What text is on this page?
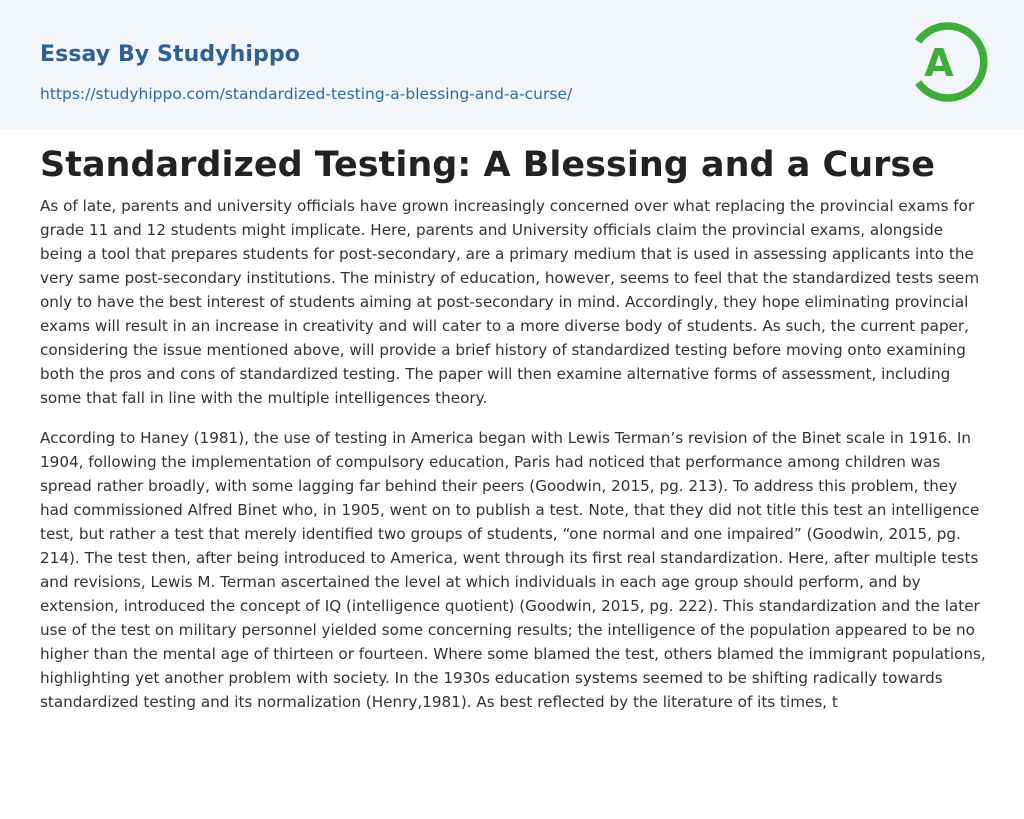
Essay By Studyhippo
https://studyhippo.com/standardized-testing-a-blessing-and-a-curse/
A
Standardized Testing: A Blessing and a Curse

As of late, parents and university officials have grown increasingly concerned over what replacing the provincial exams for grade 11 and 12 students might implicate. Here, parents and University officials claim the provincial exams, alongside being a tool that prepares students for post-secondary, are a primary medium that is used in assessing applicants into the very same post-secondary institutions. The ministry of education, however, seems to feel that the standardized tests seem only to have the best interest of students aiming at post-secondary in mind. Accordingly, they hope eliminating provincial exams will result in an increase in creativity and will cater to a more diverse body of students. As such, the current paper, considering the issue mentioned above, will provide a brief history of standardized testing before moving onto examining both the pros and cons of standardized testing. The paper will then examine alternative forms of assessment, including some that fall in line with the multiple intelligences theory.

According to Haney (1981), the use of testing in America began with Lewis Terman’s revision of the Binet scale in 1916. In 1904, following the implementation of compulsory education, Paris had noticed that performance among children was spread rather broadly, with some lagging far behind their peers (Goodwin, 2015, pg. 213). To address this problem, they had commissioned Alfred Binet who, in 1905, went on to publish a test. Note, that they did not title this test an intelligence test, but rather a test that merely identified two groups of students, “one normal and one impaired” (Goodwin, 2015, pg. 214). The test then, after being introduced to America, went through its first real standardization. Here, after multiple tests and revisions, Lewis M. Terman ascertained the level at which individuals in each age group should perform, and by extension, introduced the concept of IQ (intelligence quotient) (Goodwin, 2015, pg. 222). This standardization and the later use of the test on military personnel yielded some concerning results; the intelligence of the population appeared to be no higher than the mental age of thirteen or fourteen. Where some blamed the test, others blamed the immigrant populations, highlighting yet another problem with society. In the 1930s education systems seemed to be shifting radically towards standardized testing and its normalization (Henry,1981). As best reflected by the literature of its times, t
